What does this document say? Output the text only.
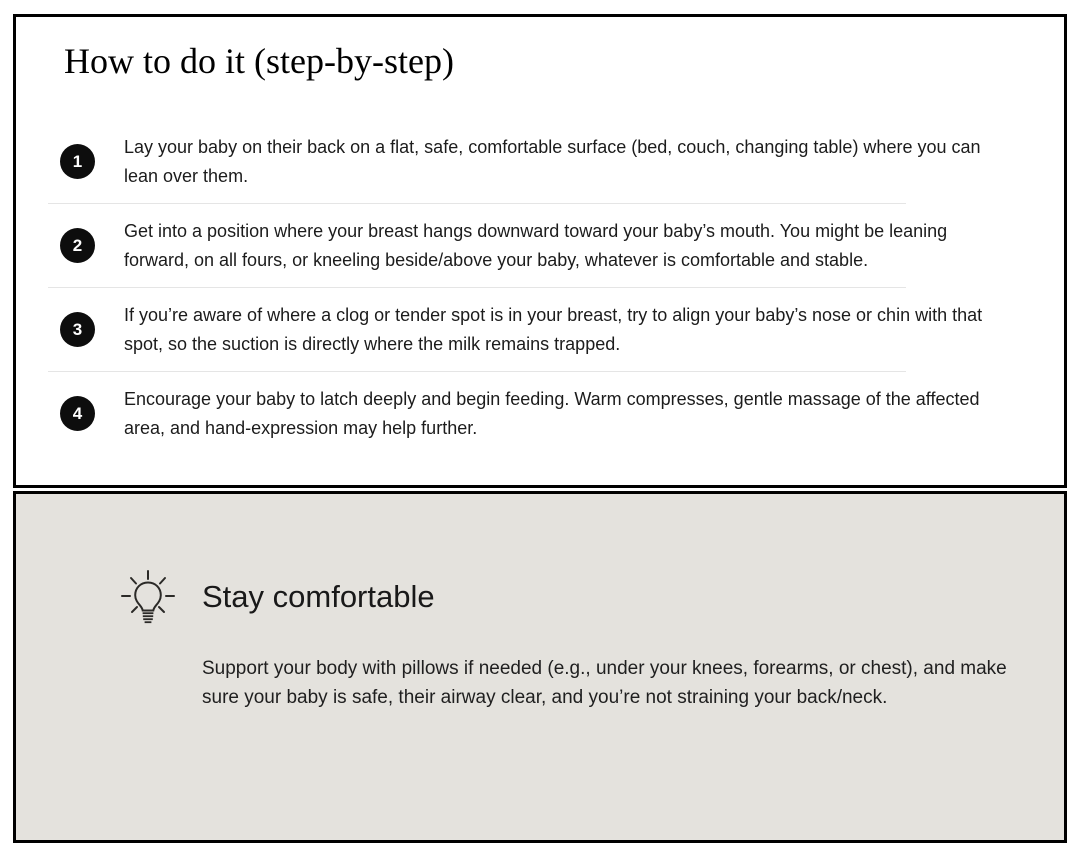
How to do it (step-by-step)
1

Lay your baby on their back on a flat, safe, comfortable surface (bed, couch, changing table) where you can lean over them.

2

Get into a position where your breast hangs downward toward your baby’s mouth. You might be leaning forward, on all fours, or kneeling beside/above your baby, whatever is comfortable and stable.

3

If you’re aware of where a clog or tender spot is in your breast, try to align your baby’s nose or chin with that spot, so the suction is directly where the milk remains trapped.

4

Encourage your baby to latch deeply and begin feeding. Warm compresses, gentle massage of the affected area, and hand-expression may help further.

Stay comfortable

Support your body with pillows if needed (e.g., under your knees, forearms, or chest), and make sure your baby is safe, their airway clear, and you’re not straining your back/neck.
